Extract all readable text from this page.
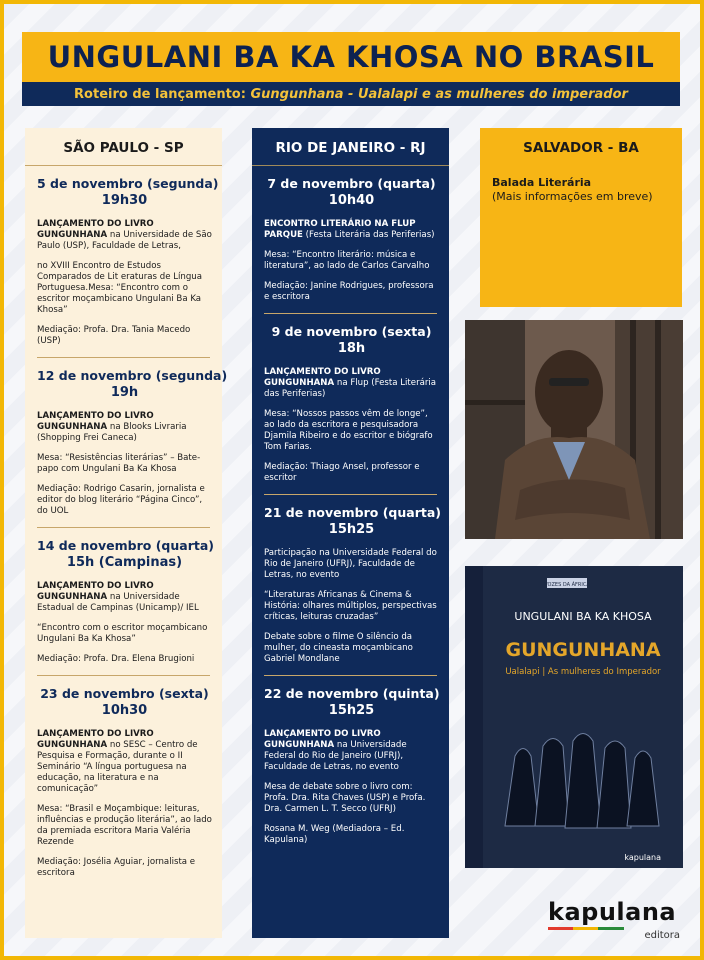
UNGULANI BA KA KHOSA NO BRASIL
Roteiro de lançamento:
Gungunhana - Ualalapi e as mulheres do imperador
SÃO PAULO - SP
5 de novembro (segunda)
19h30
LANÇAMENTO DO LIVRO GUNGUNHANA na Universidade de São Paulo (USP), Faculdade de Letras,
no XVIII Encontro de Estudos Comparados de Lit eraturas de Língua Portuguesa.Mesa: “Encontro com o escritor moçambicano Ungulani Ba Ka Khosa”
Mediação: Profa. Dra. Tania Macedo (USP)
12 de novembro (segunda)
19h
LANÇAMENTO DO LIVRO GUNGUNHANA na Blooks Livraria (Shopping Frei Caneca)
Mesa: “Resistências literárias” – Bate-papo com Ungulani Ba Ka Khosa
Mediação: Rodrigo Casarin, jornalista e editor do blog literário “Página Cinco”, do UOL
14 de novembro (quarta)
15h (Campinas)
LANÇAMENTO DO LIVRO GUNGUNHANA na Universidade Estadual de Campinas (Unicamp)/ IEL
“Encontro com o escritor moçambicano Ungulani Ba Ka Khosa”
Mediação: Profa. Dra. Elena Brugioni
23 de novembro (sexta)
10h30
LANÇAMENTO DO LIVRO GUNGUNHANA no SESC – Centro de Pesquisa e Formação, durante o II Seminário “A língua portuguesa na educação, na literatura e na comunicação”
Mesa: “Brasil e Moçambique: leituras, influências e produção literária”, ao lado da premiada escritora Maria Valéria Rezende
Mediação: Josélia Aguiar, jornalista e escritora
RIO DE JANEIRO - RJ
7 de novembro (quarta)
10h40
ENCONTRO LITERÁRIO NA FLUP PARQUE (Festa Literária das Periferias)
Mesa: “Encontro literário: música e literatura”, ao lado de Carlos Carvalho
Mediação: Janine Rodrigues, professora e escritora
9 de novembro (sexta)
18h
LANÇAMENTO DO LIVRO GUNGUNHANA na Flup (Festa Literária das Periferias)
Mesa: “Nossos passos vêm de longe”, ao lado da escritora e pesquisadora Djamila Ribeiro e do escritor e biógrafo Tom Farias.
Mediação: Thiago Ansel, professor e escritor
21 de novembro (quarta)
15h25
Participação na Universidade Federal do Rio de Janeiro (UFRJ), Faculdade de Letras, no evento
“Literaturas Africanas & Cinema & História: olhares múltiplos, perspectivas críticas, leituras cruzadas”
Debate sobre o filme O silêncio da mulher, do cineasta moçambicano Gabriel Mondlane
22 de novembro (quinta)
15h25
LANÇAMENTO DO LIVRO GUNGUNHANA na Universidade Federal do Rio de Janeiro (UFRJ), Faculdade de Letras, no evento
Mesa de debate sobre o livro com: Profa. Dra. Rita Chaves (USP) e Profa. Dra. Carmen L. T. Secco (UFRJ)
Rosana M. Weg (Mediadora – Ed. Kapulana)
SALVADOR - BA
Balada Literária
(Mais informações em breve)
VOZES DA ÁFRICA
UNGULANI BA KA KHOSA
GUNGUNHANA
Ualalapi | As mulheres do Imperador
kapulana
kapulana
editora
